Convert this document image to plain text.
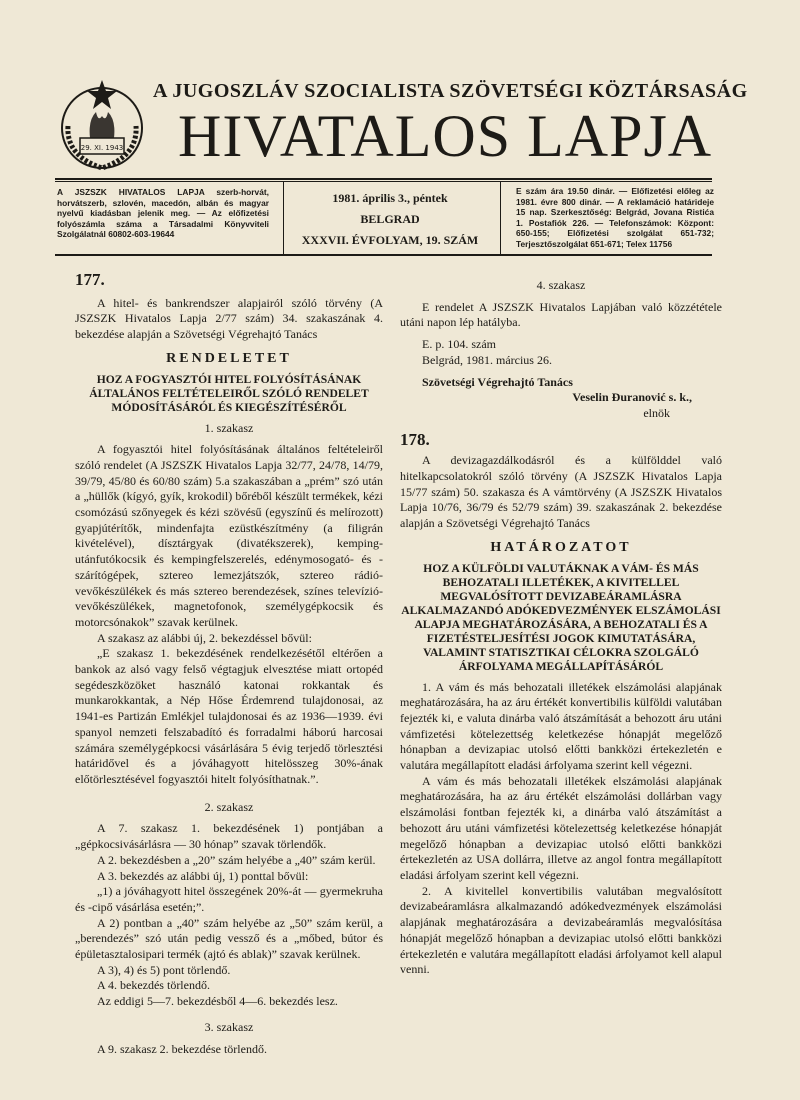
29. XI. 1943
A JUGOSZLÁV SZOCIALISTA SZÖVETSÉGI KÖZTÁRSASÁG
HIVATALOS LAPJA
A JSZSZK HIVATALOS LAPJA szerb-horvát, horvátszerb, szlovén, macedón, albán és magyar nyelvű kiadásban jelenik meg. — Az előfizetési folyószámla száma a Társadalmi Könyvviteli Szolgálatnál 60802-603-19644
1981. április 3., péntek
BELGRAD
XXXVII. ÉVFOLYAM, 19. SZÁM
E szám ára 19.50 dinár. — Előfizetési előleg az 1981. évre 800 dinár. — A reklamáció határideje 15 nap. Szerkesztőség: Belgrád, Jovana Ristića 1. Postafiók 226. — Telefonszámok: Központ: 650-155; Előfizetési szolgálat 651-732; Terjesztőszolgálat 651-671; Telex 11756

177.

A hitel- és bankrendszer alapjairól szóló törvény (A JSZSZK Hivatalos Lapja 2/77 szám) 34. szakaszának 4. bekezdése alapján a Szövetségi Végrehajtó Tanács

RENDELETET
HOZ A FOGYASZTÓI HITEL FOLYÓSÍTÁSÁNAK ÁLTALÁNOS FELTÉTELEIRŐL SZÓLÓ RENDELET MÓDOSÍTÁSÁRÓL ÉS KIEGÉSZÍTÉSÉRŐL

1. szakasz

A fogyasztói hitel folyósításának általános feltételeiről szóló rendelet (A JSZSZK Hivatalos Lapja 32/77, 24/78, 14/79, 39/79, 45/80 és 60/80 szám) 5.a szakaszában a „prém” szó után a „hüllők (kígyó, gyík, krokodil) bőréből készült termékek, kézi csomózású szőnyegek és kézi szövésű (egyszínű és melírozott) gyapjútérítők, mindenfajta ezüstkészítmény (a filigrán kivételével), dísztárgyak (divatékszerek), kemping-utánfutókocsik és kempingfelszerelés, edénymosogató- és -szárítógépek, sztereo lemezjátszók, sztereo rádió-vevőkészülékek és más sztereo berendezések, színes televízió-vevőkészülékek, magnetofonok, személygépkocsik és motorcsónakok” szavak kerülnek.

A szakasz az alábbi új, 2. bekezdéssel bővül:

„E szakasz 1. bekezdésének rendelkezésétől eltérően a bankok az alsó vagy felső végtagjuk elvesztése miatt ortopéd segédeszközöket használó katonai rokkantak és munkarokkantak, a Nép Hőse Érdemrend tulajdonosai, az 1941-es Partizán Emlékjel tulajdonosai és az 1936—1939. évi spanyol nemzeti felszabadító és forradalmi háború harcosai számára személygépkocsi vásárlására 5 évig terjedő törlesztési határidővel és a jóváhagyott hitelösszeg 30%-ának előtörlesztésével fogyasztói hitelt folyósíthatnak.”.

2. szakasz

A 7. szakasz 1. bekezdésének 1) pontjában a „gépkocsivásárlásra — 30 hónap” szavak törlendők.

A 2. bekezdésben a „20” szám helyébe a „40” szám kerül.

A 3. bekezdés az alábbi új, 1) ponttal bővül:

„1) a jóváhagyott hitel összegének 20%-át — gyermekruha és -cipő vásárlása esetén;”.

A 2) pontban a „40” szám helyébe az „50” szám kerül, a „berendezés” szó után pedig vessző és a „mőbed, bútor és épületasztalosipari termék (ajtó és ablak)” szavak kerülnek.

A 3), 4) és 5) pont törlendő.

A 4. bekezdés törlendő.

Az eddigi 5—7. bekezdésből 4—6. bekezdés lesz.

3. szakasz

A 9. szakasz 2. bekezdése törlendő.

4. szakasz

E rendelet A JSZSZK Hivatalos Lapjában való közzététele utáni napon lép hatályba.

E. p. 104. szám

Belgrád, 1981. március 26.

Szövetségi Végrehajtó Tanács

Veselin Đuranović s. k.,

elnök

178.

A devizagazdálkodásról és a külfölddel való hitelkapcsolatokról szóló törvény (A JSZSZK Hivatalos Lapja 15/77 szám) 50. szakasza és A vámtörvény (A JSZSZK Hivatalos Lapja 10/76, 36/79 és 52/79 szám) 39. szakaszának 2. bekezdése alapján a Szövetségi Végrehajtó Tanács

HATÁROZATOT
HOZ A KÜLFÖLDI VALUTÁKNAK A VÁM- ÉS MÁS BEHOZATALI ILLETÉKEK, A KIVITELLEL MEGVALÓSÍTOTT DEVIZABEÁRAMLÁSRA ALKALMAZANDÓ ADÓKEDVEZMÉNYEK ELSZÁMOLÁSI ALAPJA MEGHATÁROZÁSÁRA, A BEHOZATALI ÉS A FIZETÉSTELJESÍTÉSI JOGOK KIMUTATÁSÁRA, VALAMINT STATISZTIKAI CÉLOKRA SZOLGÁLÓ ÁRFOLYAMA MEGÁLLAPÍTÁSÁRÓL

1. A vám és más behozatali illetékek elszámolási alapjának meghatározására, ha az áru értékét konvertibilis külföldi valutában fejezték ki, e valuta dinárba való átszámítását a behozott áru utáni vámfizetési kötelezettség keletkezése hónapját megelőző hónapban a devizapiac utolsó előtti bankközi értekezletén e valutára megállapított eladási árfolyama szerint kell végezni.

A vám és más behozatali illetékek elszámolási alapjának meghatározására, ha az áru értékét elszámolási dollárban vagy elszámolási fontban fejezték ki, a dinárba való átszámítást a behozott áru utáni vámfizetési kötelezettség keletkezése hónapját megelőző hónapban a devizapiac utolsó előtti bankközi értekezletén az USA dollárra, illetve az angol fontra megállapított eladási árfolyam szerint kell végezni.

2. A kivitellel konvertibilis valutában megvalósított devizabeáramlásra alkalmazandó adókedvezmények elszámolási alapjának meghatározására a devizabeáramlás megvalósítása hónapját megelőző hónapban a devizapiac utolsó előtti bankközi értekezletén e valutára megállapított eladási árfolyamot kell alapul venni.
